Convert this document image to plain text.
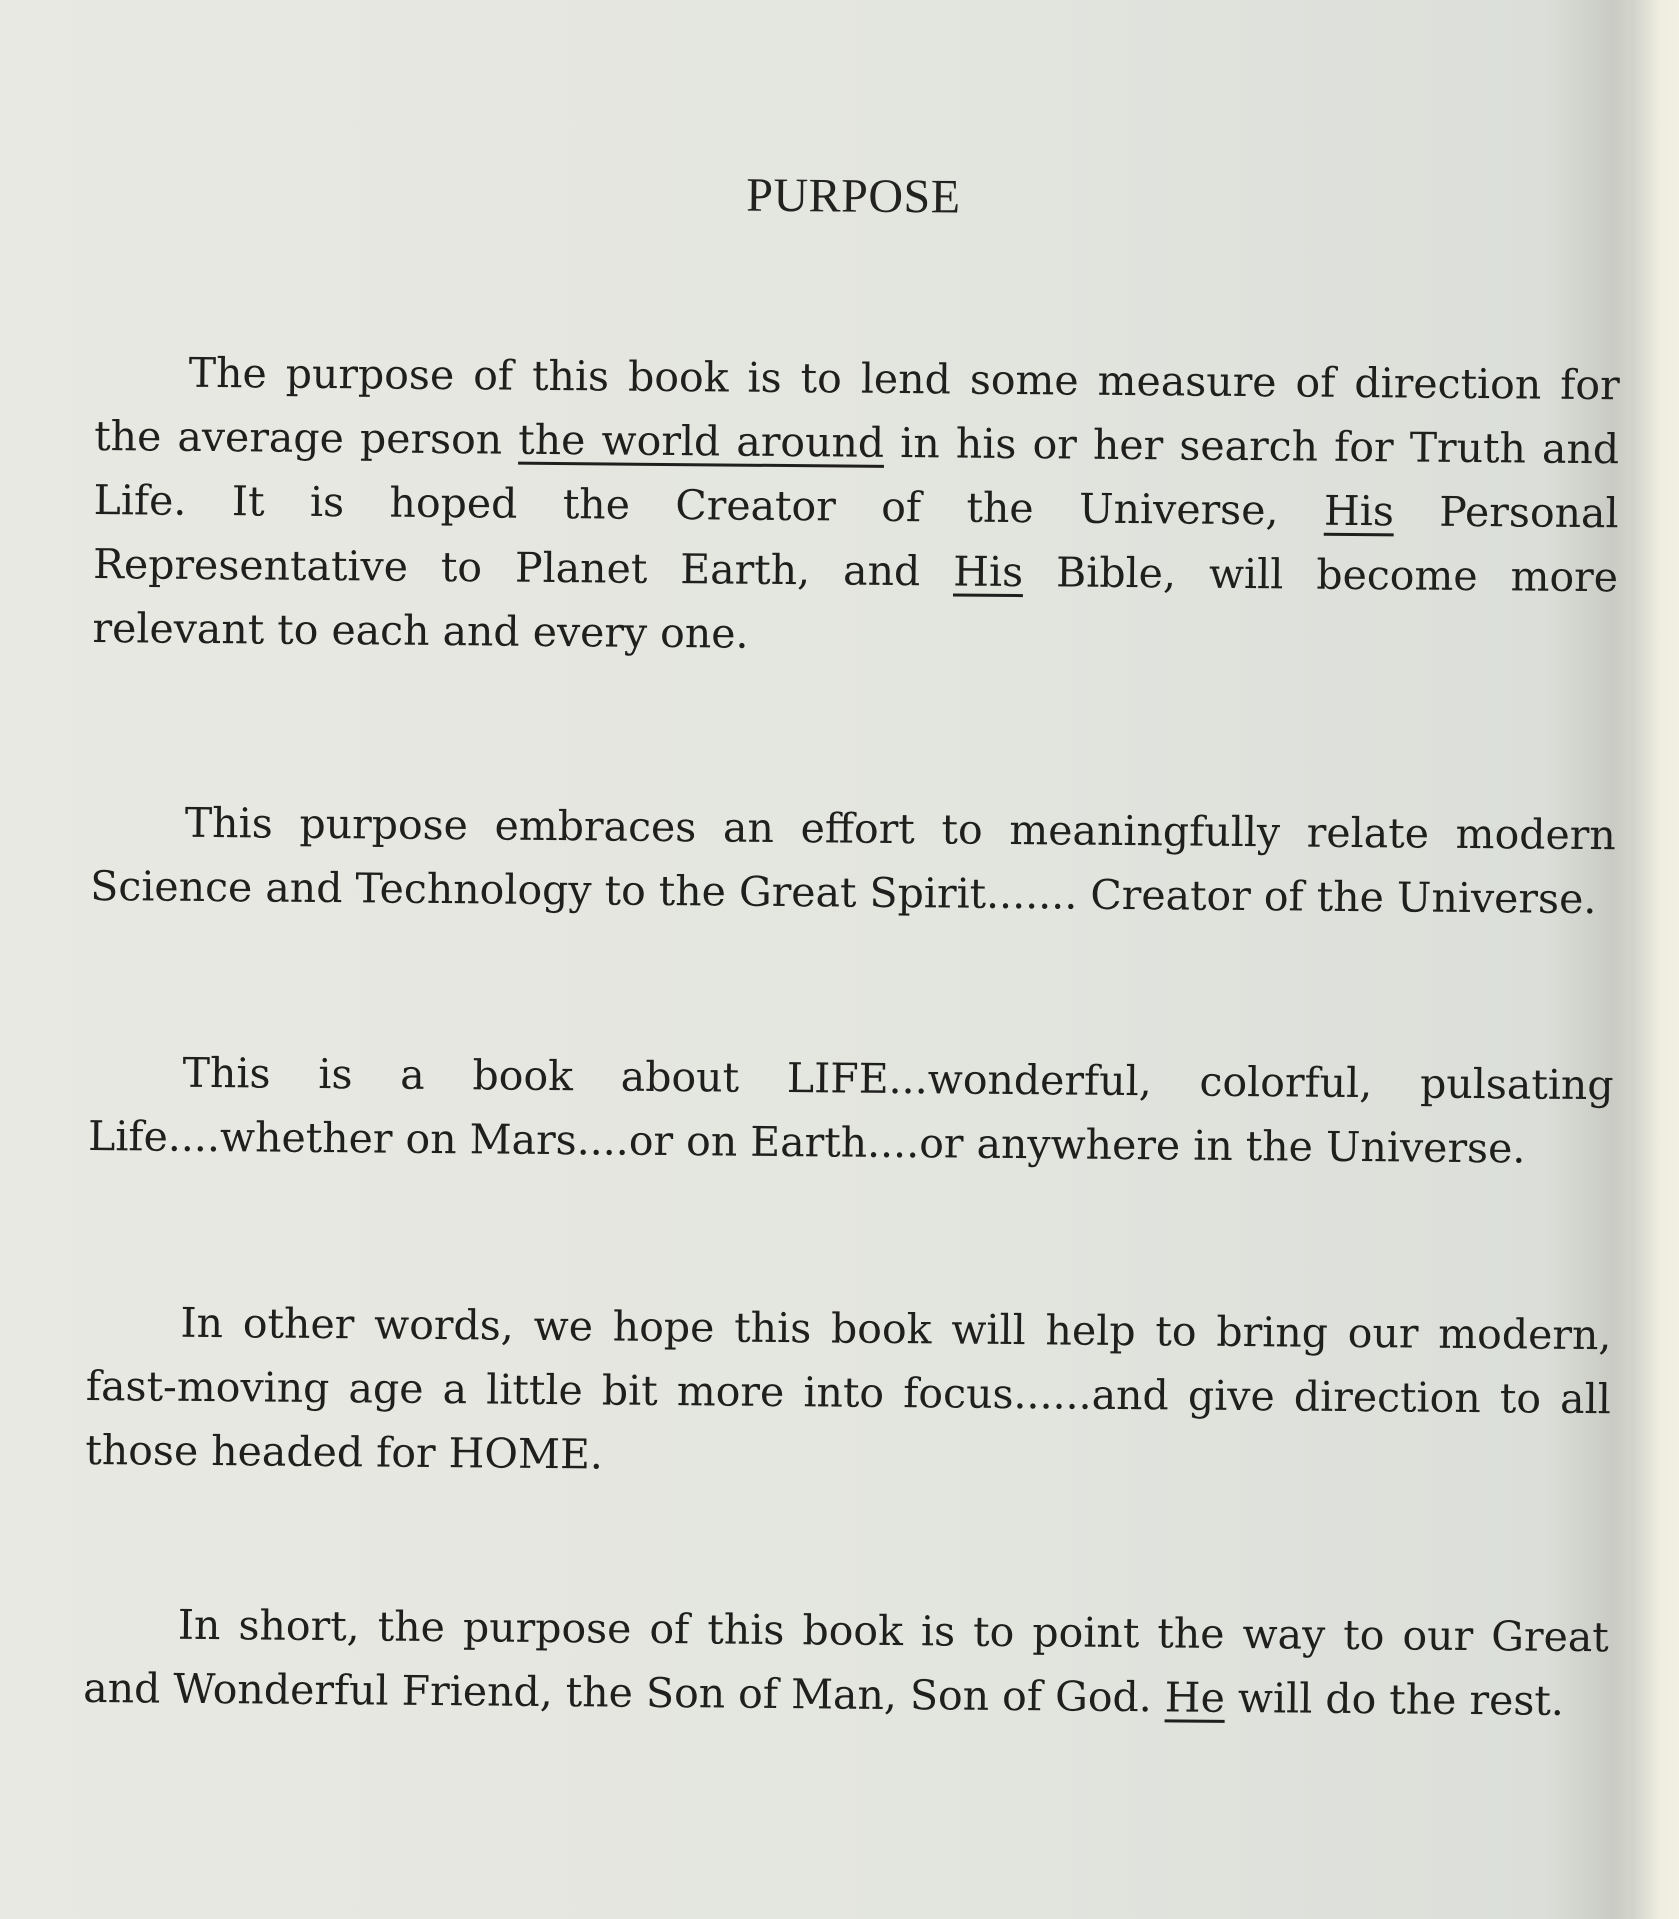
PURPOSE

The purpose of this book is to lend some measure of direction for the average person the world around in his or her search for Truth and Life. It is hoped the Creator of the Universe, His Personal Representative to Planet Earth, and His Bible, will become more relevant to each and every one.

This purpose embraces an effort to meaningfully relate modern Science and Technology to the Great Spirit....... Creator of the Universe.

This is a book about LIFE...wonderful, colorful, pulsating Life....whether on Mars....or on Earth....or anywhere in the Universe.

In other words, we hope this book will help to bring our modern, fast-moving age a little bit more into focus......and give direction to all those headed for HOME.

In short, the purpose of this book is to point the way to our Great and Wonderful Friend, the Son of Man, Son of God. He will do the rest.
